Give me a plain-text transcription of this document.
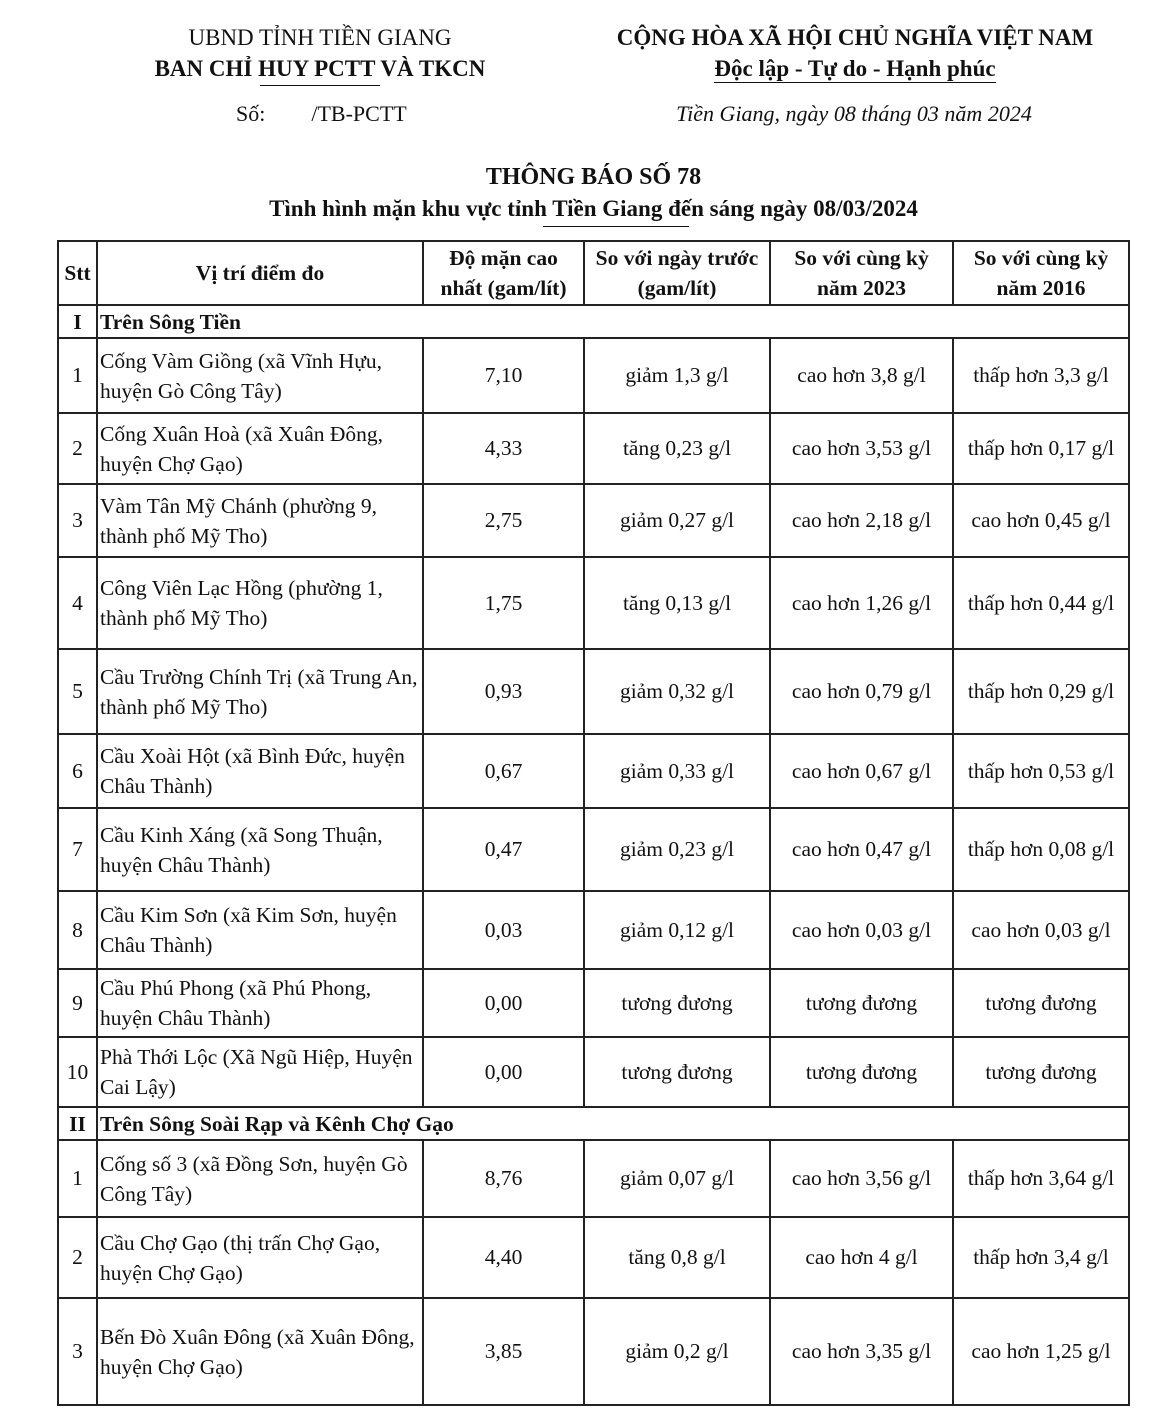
UBND TỈNH TIỀN GIANG
BAN CHỈ HUY PCTT VÀ TKCN
CỘNG HÒA XÃ HỘI CHỦ NGHĨA VIỆT NAM
Độc lập - Tự do - Hạnh phúc
Số: /TB-PCTT	Tiền Giang, ngày 08 tháng 03 năm 2024
THÔNG BÁO SỐ 78
Tình hình mặn khu vực tỉnh Tiền Giang đến sáng ngày 08/03/2024
Stt	Vị trí điểm đo	Độ mặn cao nhất (gam/lít)	So với ngày trước (gam/lít)	So với cùng kỳ năm 2023	So với cùng kỳ năm 2016
I	Trên Sông Tiền				
1	Cống Vàm Giồng (xã Vĩnh Hựu, huyện Gò Công Tây)	7,10	giảm 1,3 g/l	cao hơn 3,8 g/l	thấp hơn 3,3 g/l
2	Cống Xuân Hoà (xã Xuân Đông, huyện Chợ Gạo)	4,33	tăng 0,23 g/l	cao hơn 3,53 g/l	thấp hơn 0,17 g/l
3	Vàm Tân Mỹ Chánh (phường 9, thành phố Mỹ Tho)	2,75	giảm 0,27 g/l	cao hơn 2,18 g/l	cao hơn 0,45 g/l
4	Công Viên Lạc Hồng (phường 1, thành phố Mỹ Tho)	1,75	tăng 0,13 g/l	cao hơn 1,26 g/l	thấp hơn 0,44 g/l
5	Cầu Trường Chính Trị (xã Trung An, thành phố Mỹ Tho)	0,93	giảm 0,32 g/l	cao hơn 0,79 g/l	thấp hơn 0,29 g/l
6	Cầu Xoài Hột (xã Bình Đức, huyện Châu Thành)	0,67	giảm 0,33 g/l	cao hơn 0,67 g/l	thấp hơn 0,53 g/l
7	Cầu Kinh Xáng (xã Song Thuận, huyện Châu Thành)	0,47	giảm 0,23 g/l	cao hơn 0,47 g/l	thấp hơn 0,08 g/l
8	Cầu Kim Sơn (xã Kim Sơn, huyện Châu Thành)	0,03	giảm 0,12 g/l	cao hơn 0,03 g/l	cao hơn 0,03 g/l
9	Cầu Phú Phong (xã Phú Phong, huyện Châu Thành)	0,00	tương đương	tương đương	tương đương
10	Phà Thới Lộc (Xã Ngũ Hiệp, Huyện Cai Lậy)	0,00	tương đương	tương đương	tương đương
II	Trên Sông Soài Rạp và Kênh Chợ Gạo				
1	Cống số 3 (xã Đồng Sơn, huyện Gò Công Tây)	8,76	giảm 0,07 g/l	cao hơn 3,56 g/l	thấp hơn 3,64 g/l
2	Cầu Chợ Gạo (thị trấn Chợ Gạo, huyện Chợ Gạo)	4,40	tăng 0,8 g/l	cao hơn 4 g/l	thấp hơn 3,4 g/l
3	Bến Đò Xuân Đông (xã Xuân Đông, huyện Chợ Gạo)	3,85	giảm 0,2 g/l	cao hơn 3,35 g/l	cao hơn 1,25 g/l
